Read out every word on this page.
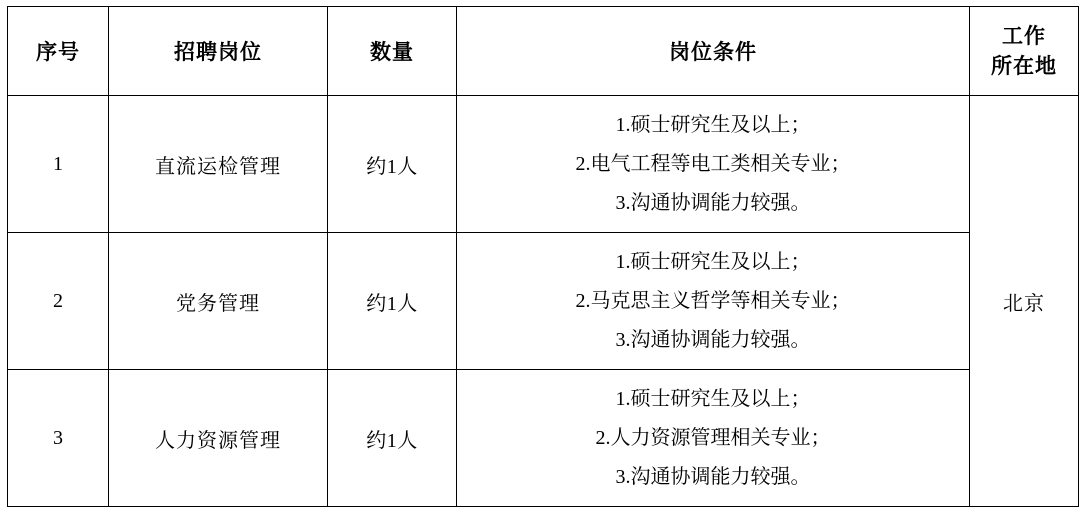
序号	招聘岗位	数量	岗位条件	工作
所在地

1	直流运检管理	约1人	1.硕士研究生及以上；
2.电气工程等电工类相关专业；
3.沟通协调能力较强。	北京
2	党务管理	约1人	1.硕士研究生及以上；
2.马克思主义哲学等相关专业；
3.沟通协调能力较强。	

3	人力资源管理	约1人	1.硕士研究生及以上；
2.人力资源管理相关专业；
3.沟通协调能力较强。	
